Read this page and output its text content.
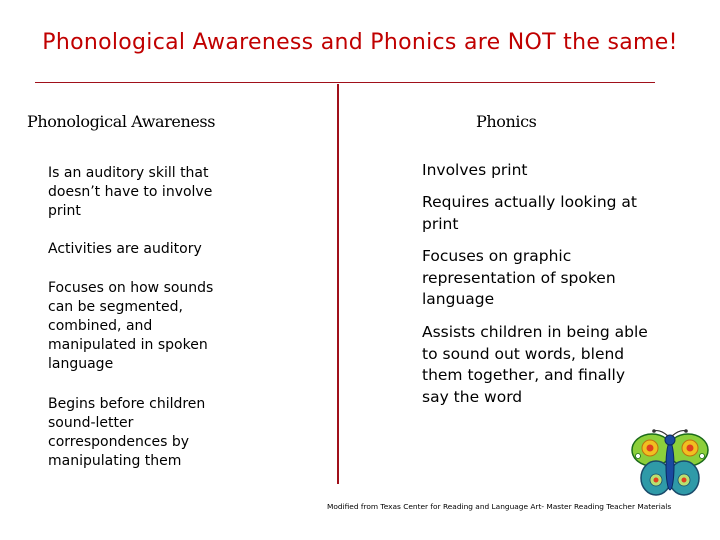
Phonological Awareness and Phonics are NOT the same!
Phonological Awareness	Phonics
Is an auditory skill that doesn’t have to involve print
Activities are auditory
Focuses on how sounds can be segmented, combined, and manipulated in spoken language
Begins before children sound-letter correspondences by manipulating them
Involves print
Requires actually looking at print
Focuses on graphic representation of spoken language
Assists children in being able to sound out words, blend them together, and finally say the word
Modified from Texas Center for Reading and Language Art- Master Reading Teacher Materials
